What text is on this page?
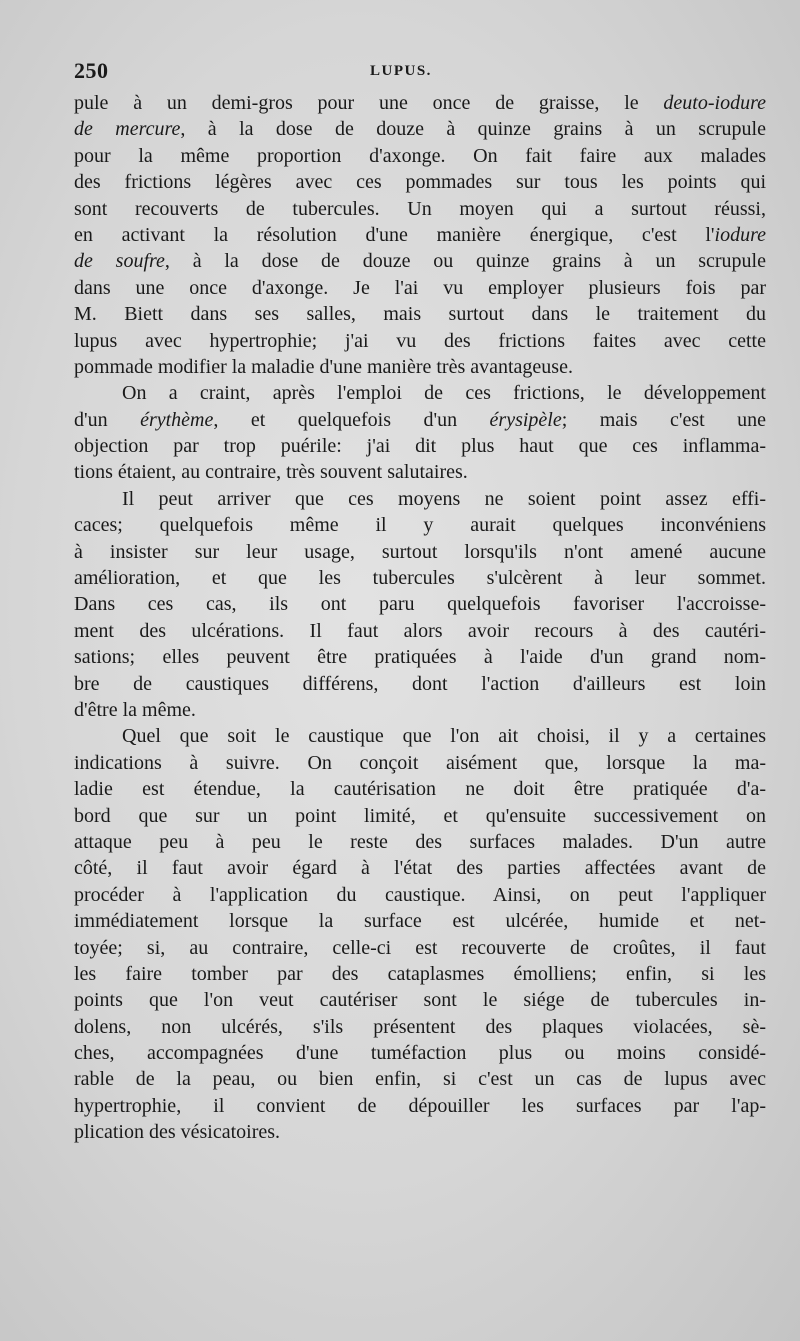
250	LUPUS.
pule à un demi-gros pour une once de graisse, le deuto-iodure
de mercure, à la dose de douze à quinze grains à un scrupule
pour la même proportion d'axonge. On fait faire aux malades
des frictions légères avec ces pommades sur tous les points qui
sont recouverts de tubercules. Un moyen qui a surtout réussi,
en activant la résolution d'une manière énergique, c'est l'iodure
de soufre, à la dose de douze ou quinze grains à un scrupule
dans une once d'axonge. Je l'ai vu employer plusieurs fois par
M. Biett dans ses salles, mais surtout dans le traitement du
lupus avec hypertrophie; j'ai vu des frictions faites avec cette
pommade modifier la maladie d'une manière très avantageuse.
On a craint, après l'emploi de ces frictions, le développement
d'un érythème, et quelquefois d'un érysipèle; mais c'est une
objection par trop puérile: j'ai dit plus haut que ces inflamma-
tions étaient, au contraire, très souvent salutaires.
Il peut arriver que ces moyens ne soient point assez effi-
caces; quelquefois même il y aurait quelques inconvéniens
à insister sur leur usage, surtout lorsqu'ils n'ont amené aucune
amélioration, et que les tubercules s'ulcèrent à leur sommet.
Dans ces cas, ils ont paru quelquefois favoriser l'accroisse-
ment des ulcérations. Il faut alors avoir recours à des cautéri-
sations; elles peuvent être pratiquées à l'aide d'un grand nom-
bre de caustiques différens, dont l'action d'ailleurs est loin
d'être la même.
Quel que soit le caustique que l'on ait choisi, il y a certaines
indications à suivre. On conçoit aisément que, lorsque la ma-
ladie est étendue, la cautérisation ne doit être pratiquée d'a-
bord que sur un point limité, et qu'ensuite successivement on
attaque peu à peu le reste des surfaces malades. D'un autre
côté, il faut avoir égard à l'état des parties affectées avant de
procéder à l'application du caustique. Ainsi, on peut l'appliquer
immédiatement lorsque la surface est ulcérée, humide et net-
toyée; si, au contraire, celle-ci est recouverte de croûtes, il faut
les faire tomber par des cataplasmes émolliens; enfin, si les
points que l'on veut cautériser sont le siége de tubercules in-
dolens, non ulcérés, s'ils présentent des plaques violacées, sè-
ches, accompagnées d'une tuméfaction plus ou moins considé-
rable de la peau, ou bien enfin, si c'est un cas de lupus avec
hypertrophie, il convient de dépouiller les surfaces par l'ap-
plication des vésicatoires.
